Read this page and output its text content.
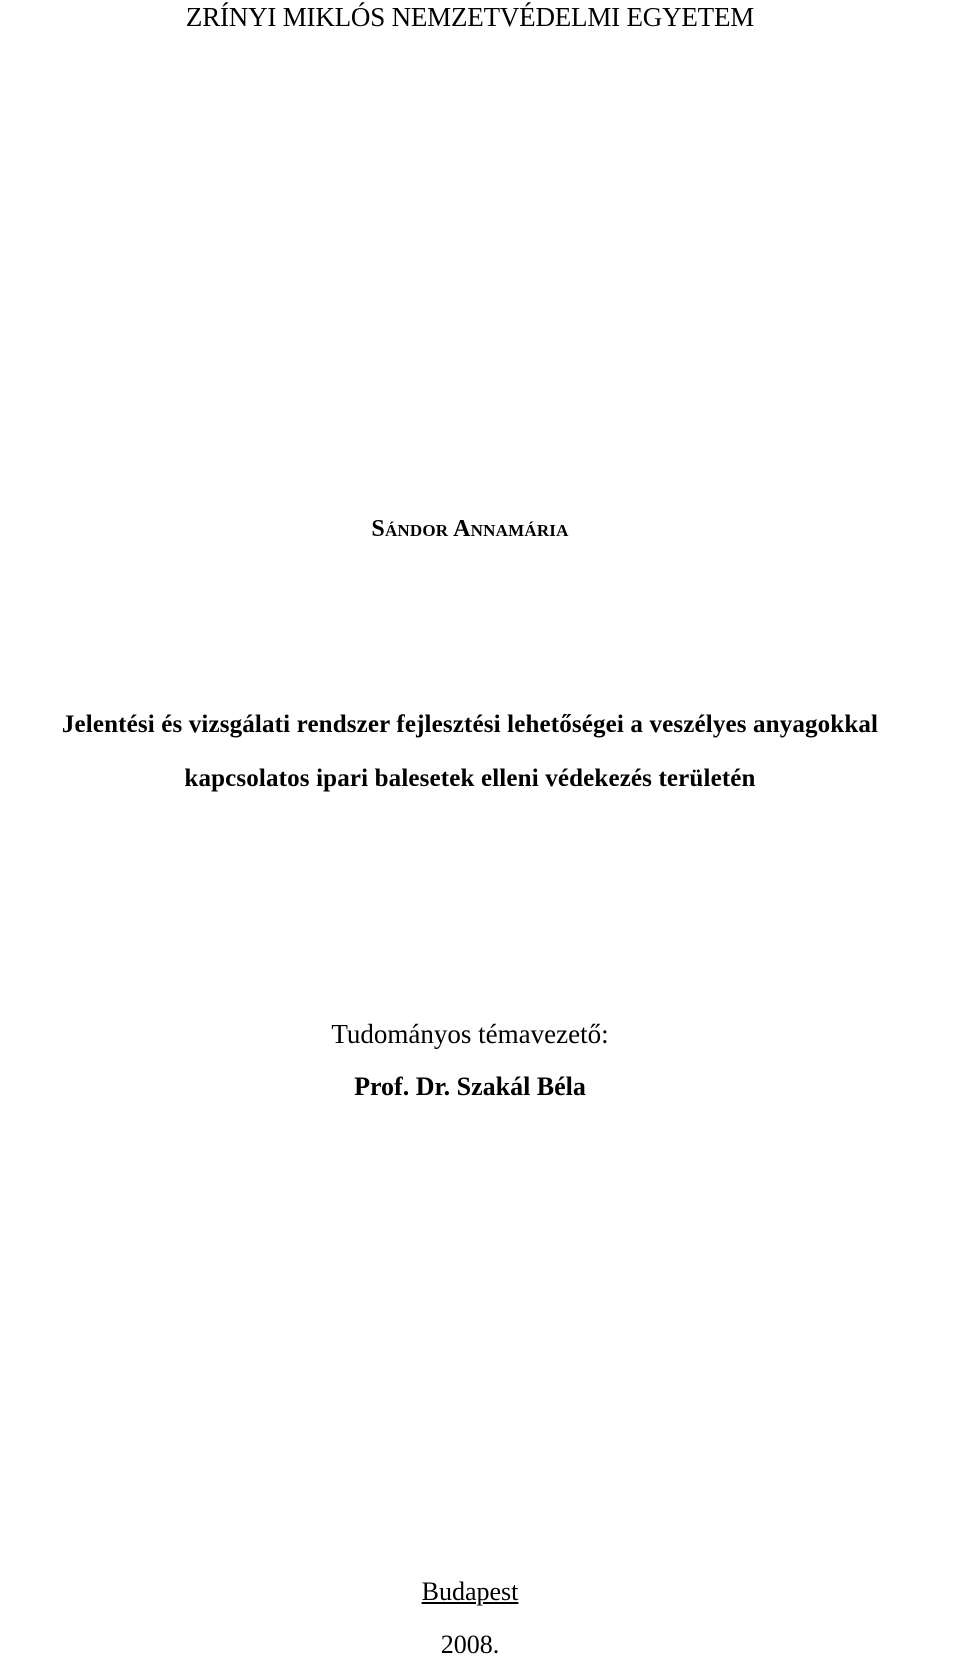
ZRÍNYI MIKLÓS NEMZETVÉDELMI EGYETEM
Sándor Annamária
Jelentési és vizsgálati rendszer fejlesztési lehetőségei a veszélyes anyagokkal
kapcsolatos ipari balesetek elleni védekezés területén
Tudományos témavezető:
Prof. Dr. Szakál Béla
Budapest
2008.
